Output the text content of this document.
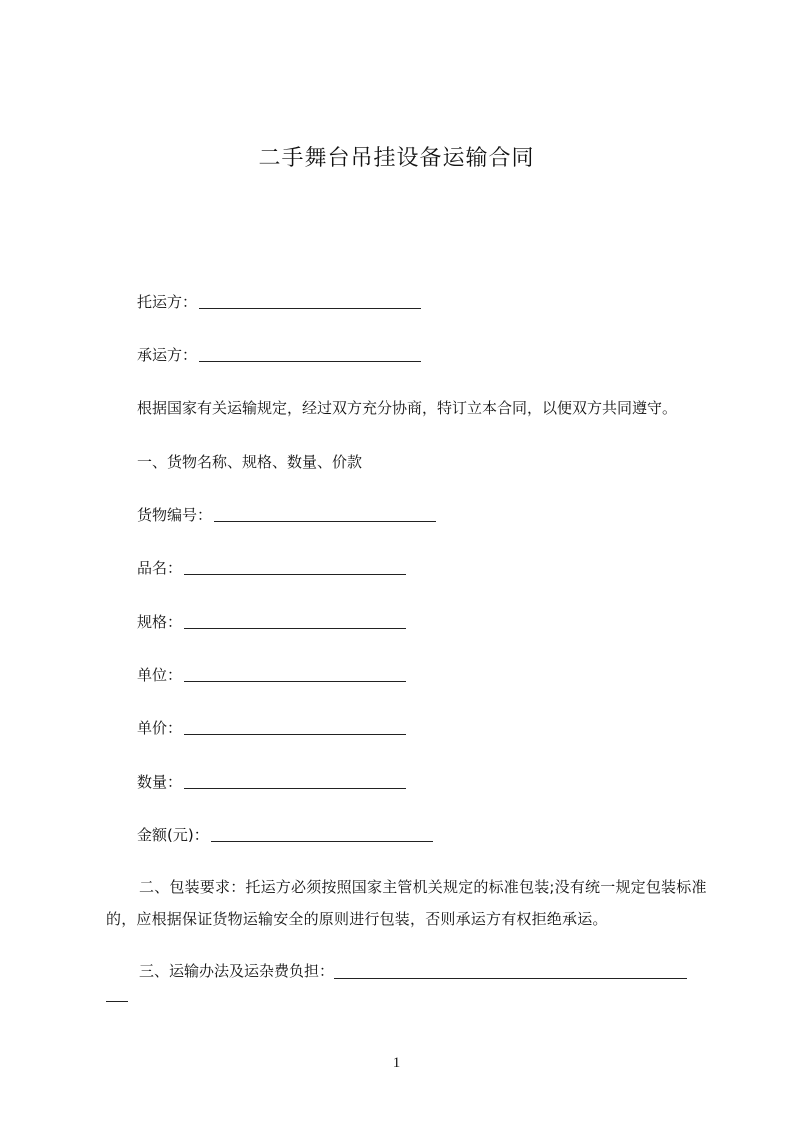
二手舞台吊挂设备运输合同
托运方：
承运方：
根据国家有关运输规定，经过双方充分协商，特订立本合同，以便双方共同遵守。
一、货物名称、规格、数量、价款
货物编号：
品名：
规格：
单位：
单价：
数量：
金额(元)：
二、包装要求：托运方必须按照国家主管机关规定的标准包装;没有统一规定包装标准的，应根据保证货物运输安全的原则进行包装，否则承运方有权拒绝承运。
三、运输办法及运杂费负担：
1
